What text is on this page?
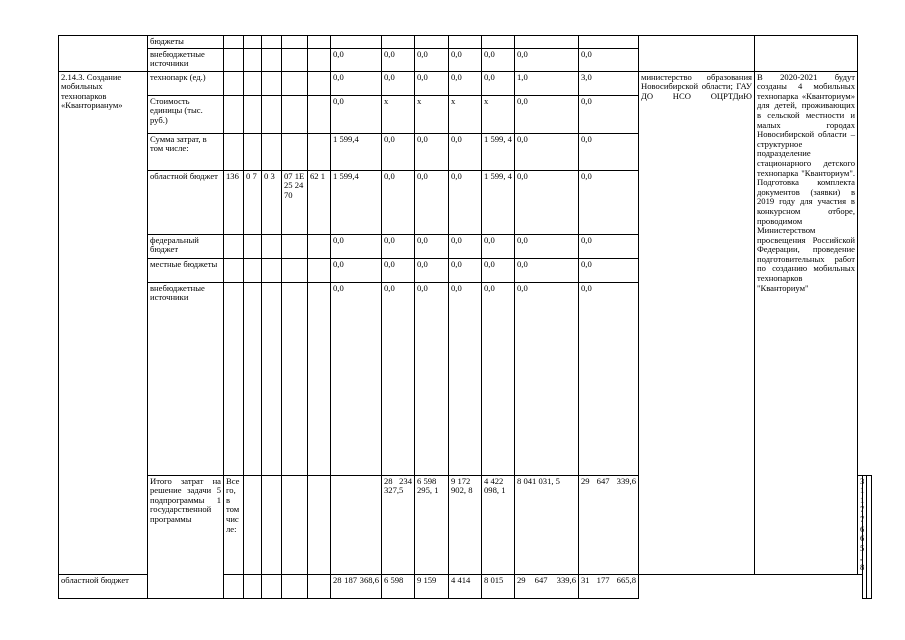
	бюджеты																	
	внебюджетные источники						0,0	0,0	0,0	0,0	0,0	0,0	0,0					
2.14.3. Создание мобильных технопарков «Кванторианум»	технопарк (ед.)						0,0	0,0	0,0	0,0	0,0	1,0	3,0	министерство образования Новосибирской области; ГАУ ДО НСО ОЦРТДиЮ	В 2020-2021 будут созданы 4 мобильных технопарка «Кванториум» для детей, проживающих в сельской местности и малых городах Новосибирской области – структурное подразделение стационарного детского технопарка "Кванториум". Подготовка комплекта документов (заявки) в 2019 году для участия в конкурсном отборе, проводимом Министерством просвещения Российской Федерации, проведение подготовительных работ по созданию мобильных технопарков "Кванториум"			
	Стоимость единицы (тыс. руб.)						0,0	х	х	х	х	0,0	0,0					
	Сумма затрат, в том числе:						1 599,4	0,0	0,0	0,0	1 599, 4	0,0	0,0					
	областной бюджет	136	0 7	0 3	07 1Е 25 24 70	62 1	1 599,4	0,0	0,0	0,0	1 599, 4	0,0	0,0					
	федеральный бюджет						0,0	0,0	0,0	0,0	0,0	0,0	0,0					
	местные бюджеты						0,0	0,0	0,0	0,0	0,0	0,0	0,0					
	внебюджетные источники						0,0	0,0	0,0	0,0	0,0	0,0	0,0					
	Итого затрат на решение задачи 5 подпрограммы 1 государственной программы	Всего, в том числе:						28 234 327,5	6 598 295, 1	9 172 902, 8	4 422 098, 1	8 041 031, 5	29 647 339,6			31 177 665,8		
областной бюджет							28 187 368,6	6 598	9 159	4 414	8 015	29 647 339,6	31 177 665,8					
